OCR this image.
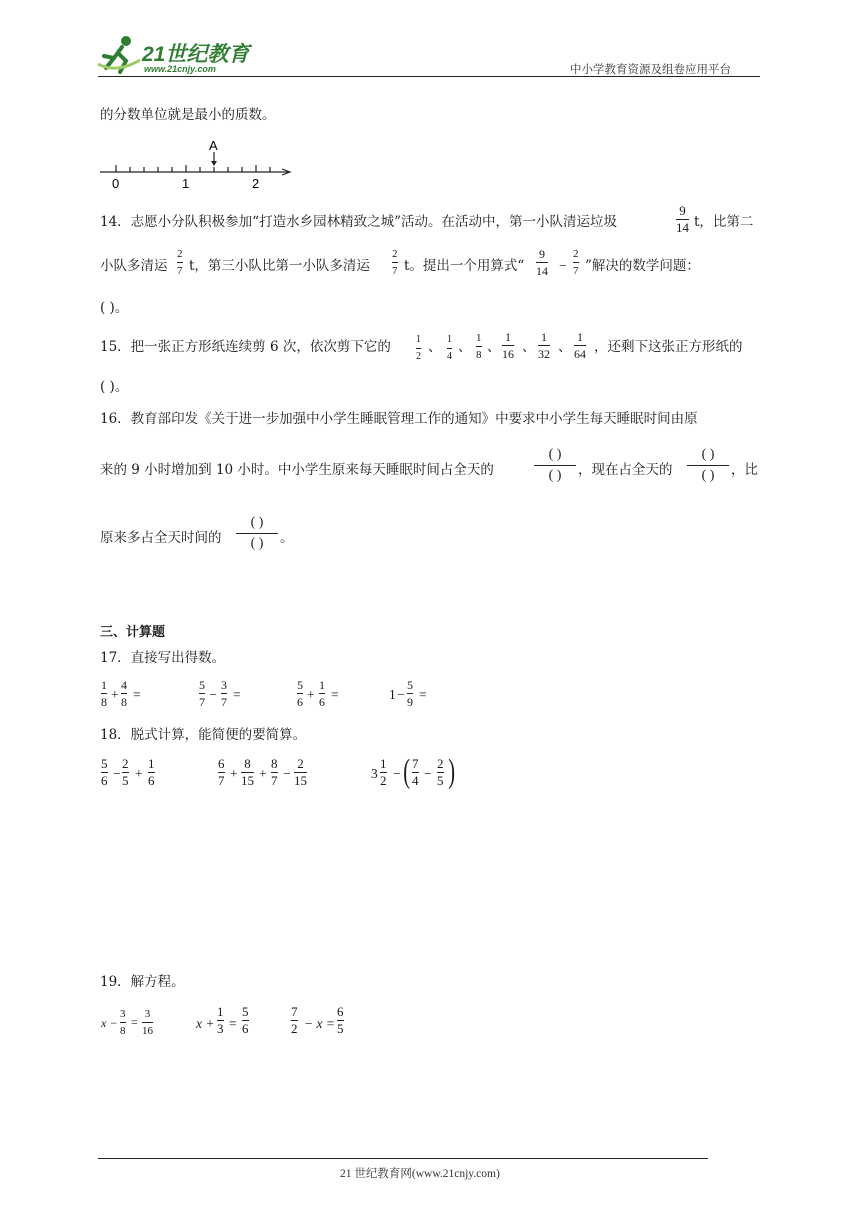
21世纪教育
www.21cnjy.com	中小学教育资源及组卷应用平台
的分数单位就是最小的质数。
A
0	1	2
14．志愿小分队积极参加“打造水乡园林精致之城”活动。在活动中，第一小队清运垃圾
9
14 t，比第二
小队多清运
2
7 t，第三小队比第一小队多清运
2
7 t。提出一个用算式“
9
14 −
2
7 ”解决的数学问题：
( )。
15．把一张正方形纸连续剪 6 次，依次剪下它的	1
2
、 1
4
、
1
8 、
1
16 、
1
32 、
1
64 ，还剩下这张正方形纸的
( )。
16．教育部印发《关于进一步加强中小学生睡眠管理工作的通知》中要求中小学生每天睡眠时间由原
来的 9 小时增加到 10 小时。中小学生原来每天睡眠时间占全天的
( )
( )	，现在占全天的
( )
( )	，比
原来多占全天时间的
( )
( )	。
三、计算题
17．直接写出得数。
1
8 +
4
8 =
5
7 −
3
7 =
5
6 +
1
6 =	1 −
5
9 =
18．脱式计算，能简便的要简算。
5
6 −
2
5 +
1
6
6
7 +
8
15 +
8
7 −
2
15	3
1
2 − ( 7
4 −
2
5 )
19．解方程。
x −
3
8
=
3
16	x +
1
3 =
5
6
7
2 − x =
6
5
21 世纪教育网(www.21cnjy.com)
